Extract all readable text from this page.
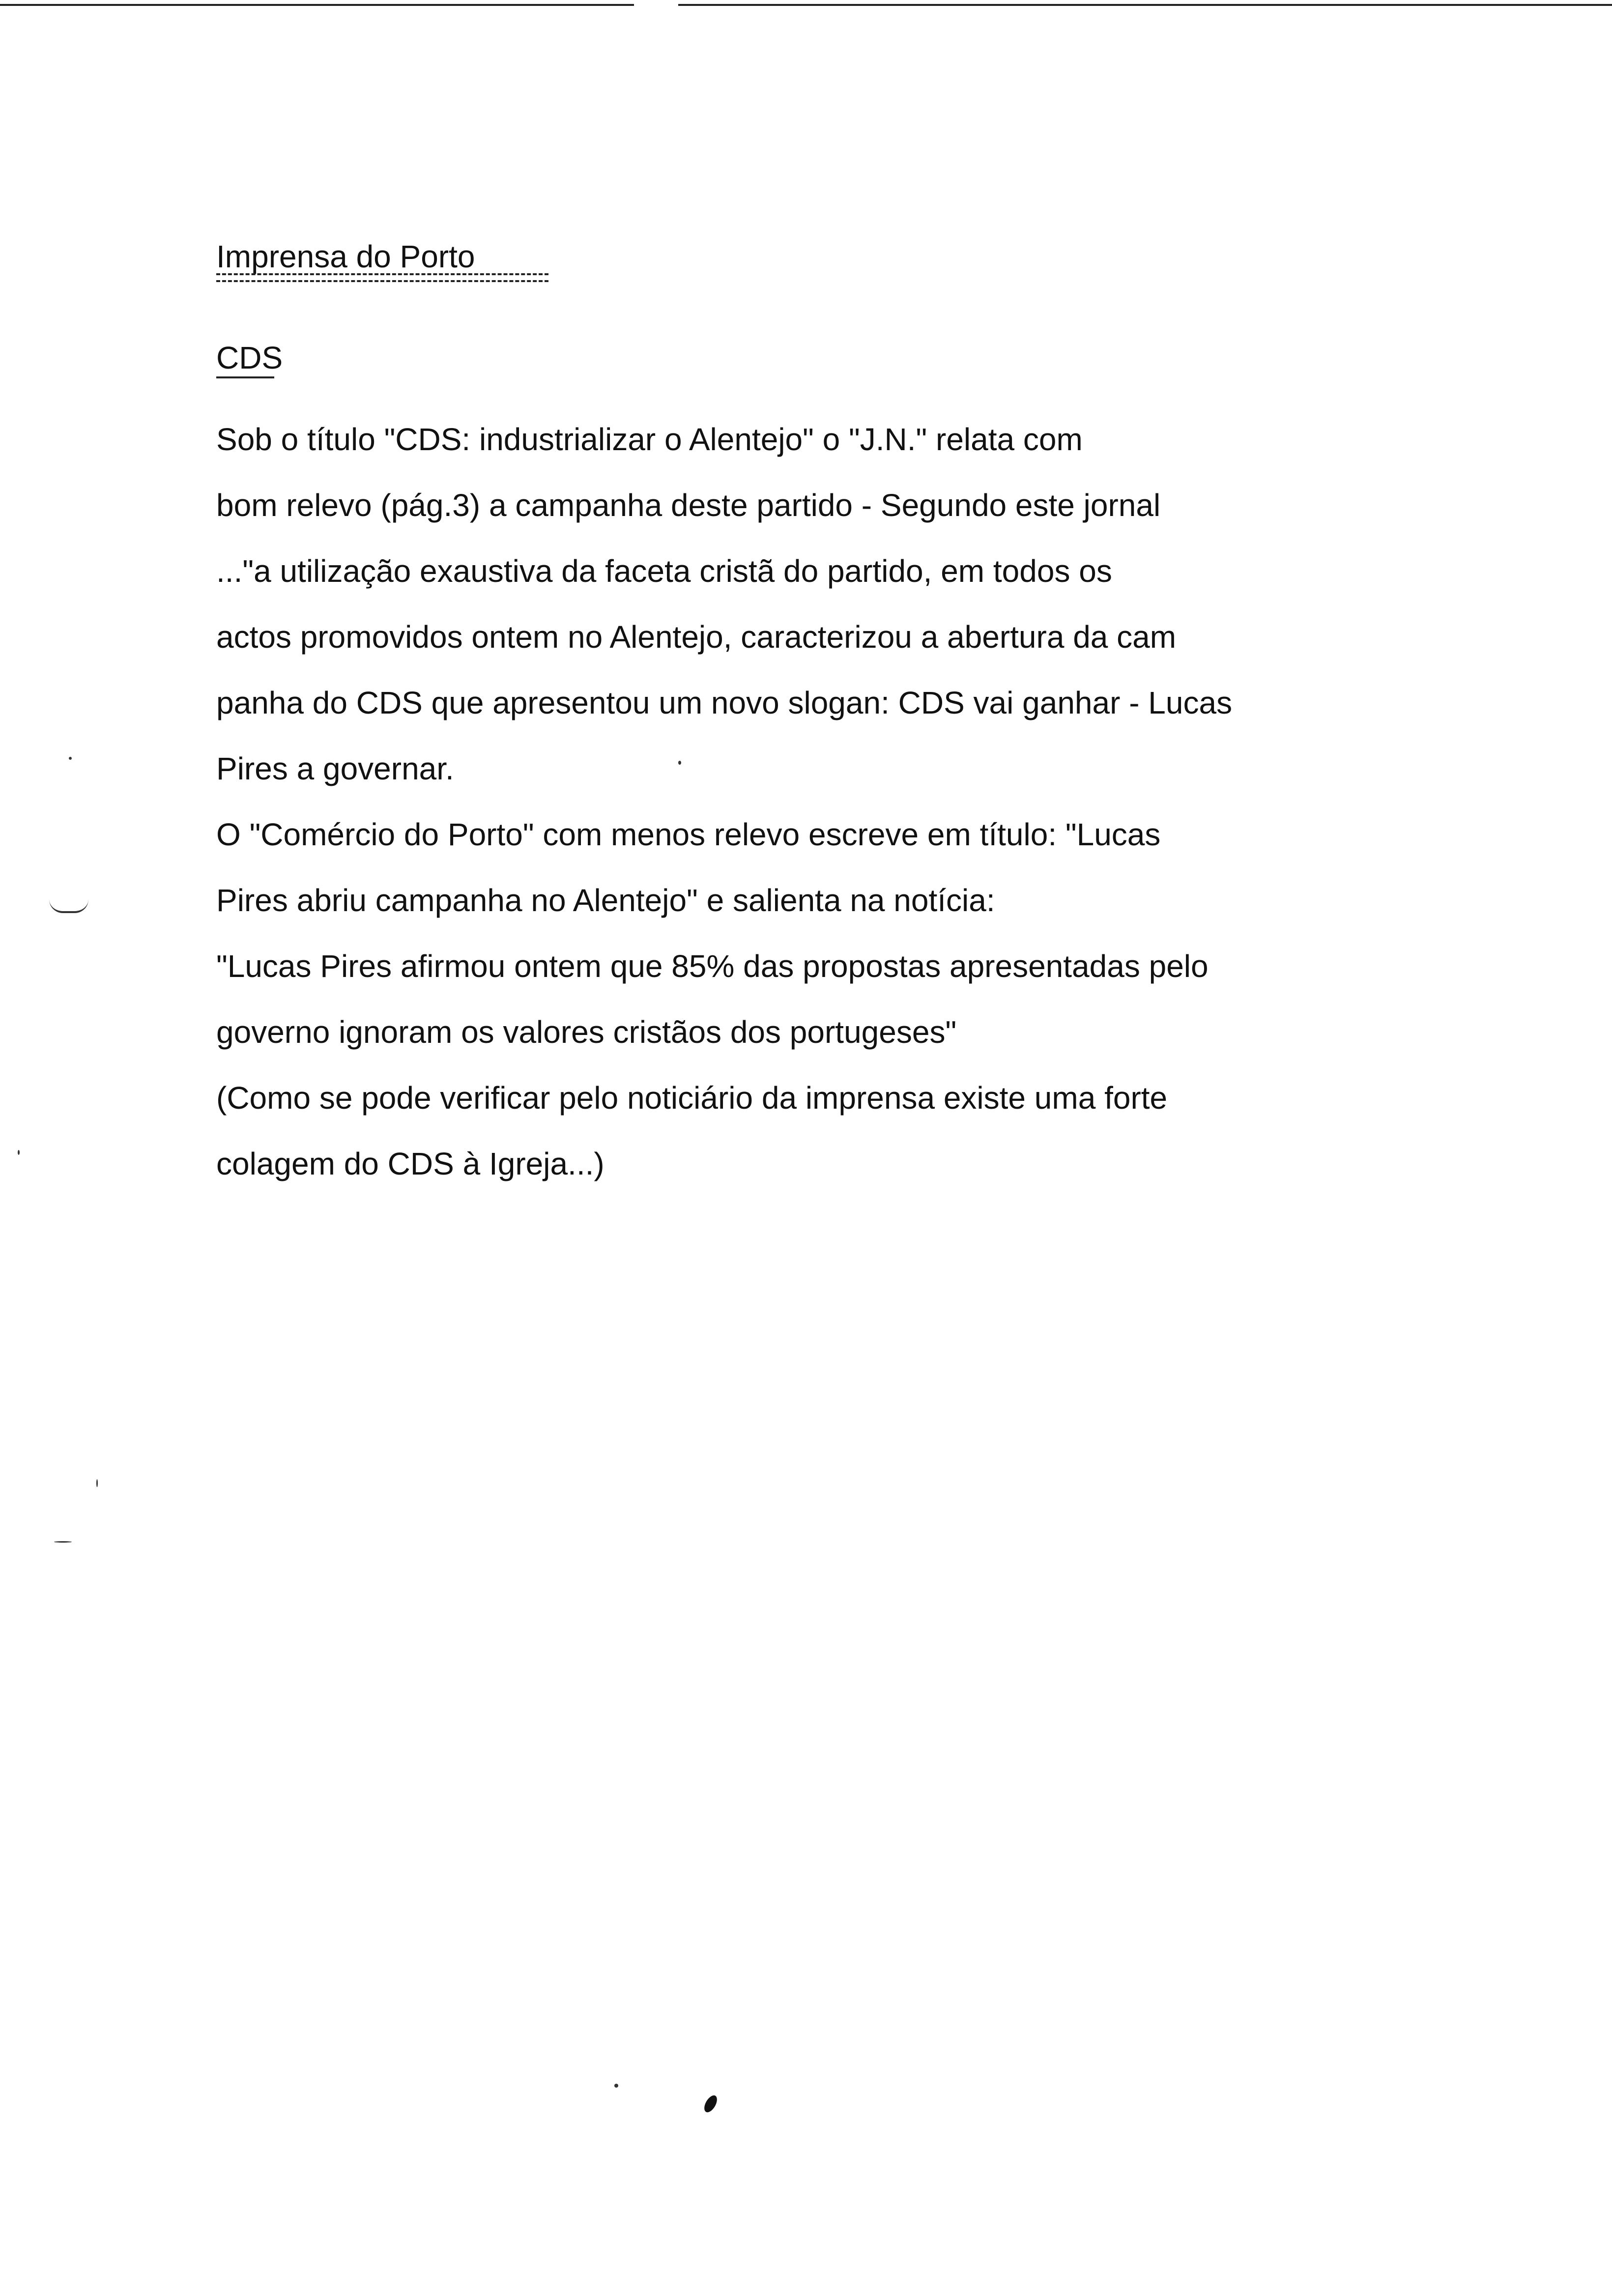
Imprensa do Porto
CDS
Sob o título "CDS: industrializar o Alentejo" o "J.N." relata com
bom relevo (pág.3) a campanha deste partido - Segundo este jornal
..."a utilização exaustiva da faceta cristã do partido, em todos os
actos promovidos ontem no Alentejo, caracterizou a abertura da cam
panha do CDS que apresentou um novo slogan: CDS vai ganhar - Lucas
Pires a governar.
O "Comércio do Porto" com menos relevo escreve em título: "Lucas
Pires abriu campanha no Alentejo" e salienta na notícia:
"Lucas Pires afirmou ontem que 85% das propostas apresentadas pelo
governo ignoram os valores cristãos dos portugeses"
(Como se pode verificar pelo noticiário da imprensa existe uma forte
colagem do CDS à Igreja...)
